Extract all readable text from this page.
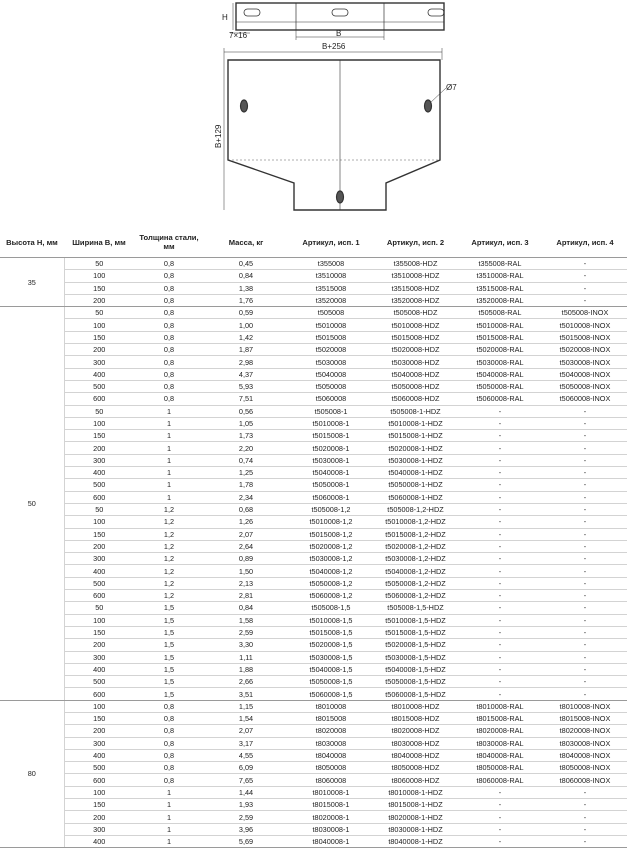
H
7×16	B
B+256
Ø7
B+129
Высота H, мм	Ширина B, мм	Толщина стали, мм	Масса, кг	Артикул, исп. 1	Артикул, исп. 2	Артикул, исп. 3	Артикул, исп. 4
35	50	0,8	0,45	t355008	t355008-HDZ	t355008-RAL	-
	100	0,8	0,84	t3510008	t3510008-HDZ	t3510008-RAL	-
	150	0,8	1,38	t3515008	t3515008-HDZ	t3515008-RAL	-
	200	0,8	1,76	t3520008	t3520008-HDZ	t3520008-RAL	-
50	50	0,8	0,59	t505008	t505008-HDZ	t505008-RAL	t505008-INOX
	100	0,8	1,00	t5010008	t5010008-HDZ	t5010008-RAL	t5010008-INOX
	150	0,8	1,42	t5015008	t5015008-HDZ	t5015008-RAL	t5015008-INOX
	200	0,8	1,87	t5020008	t5020008-HDZ	t5020008-RAL	t5020008-INOX
	300	0,8	2,98	t5030008	t5030008-HDZ	t5030008-RAL	t5030008-INOX
	400	0,8	4,37	t5040008	t5040008-HDZ	t5040008-RAL	t5040008-INOX
	500	0,8	5,93	t5050008	t5050008-HDZ	t5050008-RAL	t5050008-INOX
	600	0,8	7,51	t5060008	t5060008-HDZ	t5060008-RAL	t5060008-INOX
	50	1	0,56	t505008-1	t505008-1-HDZ	-	-
	100	1	1,05	t5010008-1	t5010008-1-HDZ	-	-
	150	1	1,73	t5015008-1	t5015008-1-HDZ	-	-
	200	1	2,20	t5020008-1	t5020008-1-HDZ	-	-
	300	1	0,74	t5030008-1	t5030008-1-HDZ	-	-
	400	1	1,25	t5040008-1	t5040008-1-HDZ	-	-
	500	1	1,78	t5050008-1	t5050008-1-HDZ	-	-
	600	1	2,34	t5060008-1	t5060008-1-HDZ	-	-
	50	1,2	0,68	t505008-1,2	t505008-1,2-HDZ	-	-
	100	1,2	1,26	t5010008-1,2	t5010008-1,2-HDZ	-	-
	150	1,2	2,07	t5015008-1,2	t5015008-1,2-HDZ	-	-
	200	1,2	2,64	t5020008-1,2	t5020008-1,2-HDZ	-	-
	300	1,2	0,89	t5030008-1,2	t5030008-1,2-HDZ	-	-
	400	1,2	1,50	t5040008-1,2	t5040008-1,2-HDZ	-	-
	500	1,2	2,13	t5050008-1,2	t5050008-1,2-HDZ	-	-
	600	1,2	2,81	t5060008-1,2	t5060008-1,2-HDZ	-	-
	50	1,5	0,84	t505008-1,5	t505008-1,5-HDZ	-	-
	100	1,5	1,58	t5010008-1,5	t5010008-1,5-HDZ	-	-
	150	1,5	2,59	t5015008-1,5	t5015008-1,5-HDZ	-	-
	200	1,5	3,30	t5020008-1,5	t5020008-1,5-HDZ	-	-
	300	1,5	1,11	t5030008-1,5	t5030008-1,5-HDZ	-	-
	400	1,5	1,88	t5040008-1,5	t5040008-1,5-HDZ	-	-
	500	1,5	2,66	t5050008-1,5	t5050008-1,5-HDZ	-	-
	600	1,5	3,51	t5060008-1,5	t5060008-1,5-HDZ	-	-
80	100	0,8	1,15	t8010008	t8010008-HDZ	t8010008-RAL	t8010008-INOX
	150	0,8	1,54	t8015008	t8015008-HDZ	t8015008-RAL	t8015008-INOX
	200	0,8	2,07	t8020008	t8020008-HDZ	t8020008-RAL	t8020008-INOX
	300	0,8	3,17	t8030008	t8030008-HDZ	t8030008-RAL	t8030008-INOX
	400	0,8	4,55	t8040008	t8040008-HDZ	t8040008-RAL	t8040008-INOX
	500	0,8	6,09	t8050008	t8050008-HDZ	t8050008-RAL	t8050008-INOX
	600	0,8	7,65	t8060008	t8060008-HDZ	t8060008-RAL	t8060008-INOX
	100	1	1,44	t8010008-1	t8010008-1-HDZ	-	-
	150	1	1,93	t8015008-1	t8015008-1-HDZ	-	-
	200	1	2,59	t8020008-1	t8020008-1-HDZ	-	-
	300	1	3,96	t8030008-1	t8030008-1-HDZ	-	-
	400	1	5,69	t8040008-1	t8040008-1-HDZ	-	-
